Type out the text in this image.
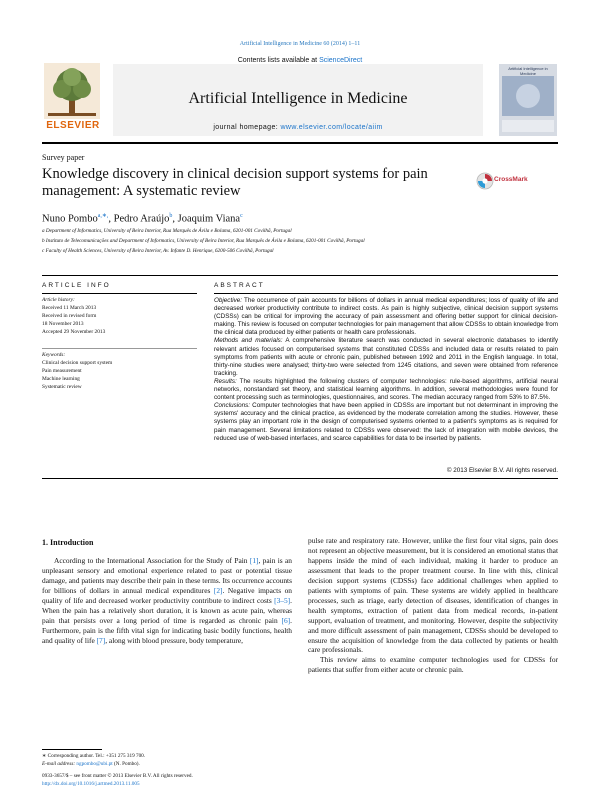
Artificial Intelligence in Medicine 60 (2014) 1–11
Contents lists available at ScienceDirect
ELSEVIER
Artificial Intelligence in Medicine
journal homepage: www.elsevier.com/locate/aiim
Artificial Intelligence in Medicine
Survey paper
Knowledge discovery in clinical decision support systems for pain management: A systematic review
CrossMark
Nuno Pombo$^{a,∗,}$, Pedro Araújo$^b$, Joaquim Viana$^c$
a Department of Informatics, University of Beira Interior, Rua Marquês de Ávila e Bolama, 6201-001 Covilhã, Portugal
b Instituto de Telecomunicações and Department of Informatics, University of Beira Interior, Rua Marquês de Ávila e Bolama, 6201-001 Covilhã, Portugal
c Faculty of Health Sciences, University of Beira Interior, Av. Infante D. Henrique, 6200-506 Covilhã, Portugal
ARTICLE INFO	ABSTRACT
Article history:
Received 11 March 2013
Received in revised form
18 November 2013
Accepted 29 November 2013
Keywords:
Clinical decision support system
Pain measurement
Machine learning
Systematic review

Objective: The occurrence of pain accounts for billions of dollars in annual medical expenditures; loss of quality of life and decreased worker productivity contribute to indirect costs. As pain is highly subjective, clinical decision support systems (CDSSs) can be critical for improving the accuracy of pain assessment and offering better support for clinical decision-making. This review is focused on computer technologies for pain management that allow CDSSs to obtain knowledge from the clinical data produced by either patients or health care professionals.

Methods and materials: A comprehensive literature search was conducted in several electronic databases to identify relevant articles focused on computerised systems that constituted CDSSs and included data or results related to pain symptoms from patients with acute or chronic pain, published between 1992 and 2011 in the English language. In total, thirty-nine studies were analysed; thirty-two were selected from 1245 citations, and seven were obtained from reference tracking.

Results: The results highlighted the following clusters of computer technologies: rule-based algorithms, artificial neural networks, nonstandard set theory, and statistical learning algorithms. In addition, several methodologies were found for content processing such as terminologies, questionnaires, and scores. The median accuracy ranged from 53% to 87.5%.

Conclusions: Computer technologies that have been applied in CDSSs are important but not determinant in improving the systems' accuracy and the clinical practice, as evidenced by the moderate correlation among the studies. However, these systems play an important role in the design of computerised systems oriented to a patient's symptoms as is required for pain management. Several limitations related to CDSSs were observed: the lack of integration with mobile devices, the reduced use of web-based interfaces, and scarce capabilities for data to be inserted by patients.

© 2013 Elsevier B.V. All rights reserved.
1. Introduction

According to the International Association for the Study of Pain [1], pain is an unpleasant sensory and emotional experience related to past or potential tissue damage, and patients may describe their pain in these terms. Its occurrence accounts for billions of dollars in annual medical expenditures [2]. Negative impacts on quality of life and decreased worker productivity contribute to indirect costs [3–5]. When the pain has a relatively short duration, it is known as acute pain, whereas pain that persists over a long period of time is regarded as chronic pain [6]. Furthermore, pain is the fifth vital sign for indicating basic bodily functions, health and quality of life [7], along with blood pressure, body temperature,

pulse rate and respiratory rate. However, unlike the first four vital signs, pain does not represent an objective measurement, but it is considered an emotional status that happens inside the mind of each individual, making it harder to produce an assessment that leads to the proper treatment course. In line with this, clinical decision support systems (CDSSs) face additional challenges when applied to patients with symptoms of pain. These systems are widely applied in healthcare processes, such as triage, early detection of diseases, identification of changes in health symptoms, extraction of patient data from medical records, in-patient support, evaluation of treatment, and monitoring. However, despite the subjectivity and more difficult assessment of pain management, CDSSs should be developed to ensure the acquisition of knowledge from the data collected by patients or health care professionals.

This review aims to examine computer technologies used for CDSSs for patients that suffer from either acute or chronic pain.

∗ Corresponding author. Tel.: +351 275 319 700.
E-mail address: ngpombo@ubi.pt (N. Pombo).
0933-3657/$ – see front matter © 2013 Elsevier B.V. All rights reserved.
http://dx.doi.org/10.1016/j.artmed.2013.11.005
